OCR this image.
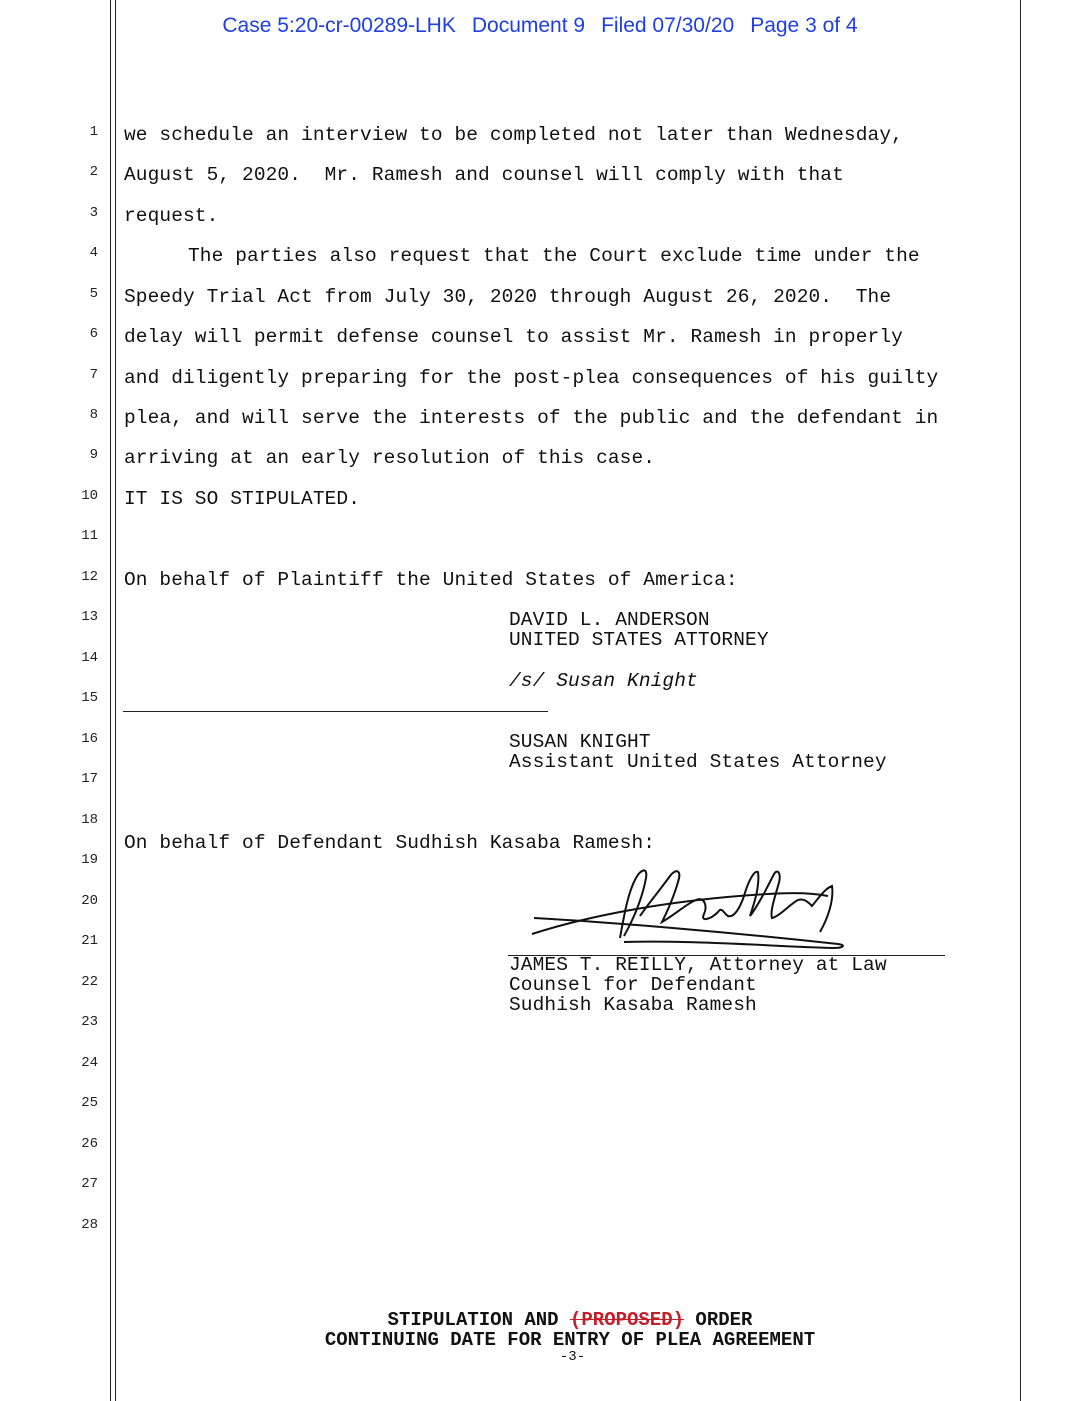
Case 5:20-cr-00289-LHK Document 9 Filed 07/30/20 Page 3 of 4
1
2
3
4
5
6
7
8
9
10
11
12
13
14
15
16
17
18
19
20
21
22
23
24
25
26
27
28
we schedule an interview to be completed not later than Wednesday,
August 5, 2020.  Mr. Ramesh and counsel will comply with that
request.
The parties also request that the Court exclude time under the
Speedy Trial Act from July 30, 2020 through August 26, 2020.  The
delay will permit defense counsel to assist Mr. Ramesh in properly
and diligently preparing for the post-plea consequences of his guilty
plea, and will serve the interests of the public and the defendant in
arriving at an early resolution of this case.
IT IS SO STIPULATED.
On behalf of Plaintiff the United States of America:
DAVID L. ANDERSON
UNITED STATES ATTORNEY
/s/ Susan Knight
SUSAN KNIGHT
Assistant United States Attorney
On behalf of Defendant Sudhish Kasaba Ramesh:
JAMES T. REILLY, Attorney at Law
Counsel for Defendant
Sudhish Kasaba Ramesh
STIPULATION AND (PROPOSED) ORDER
CONTINUING DATE FOR ENTRY OF PLEA AGREEMENT
-3-
